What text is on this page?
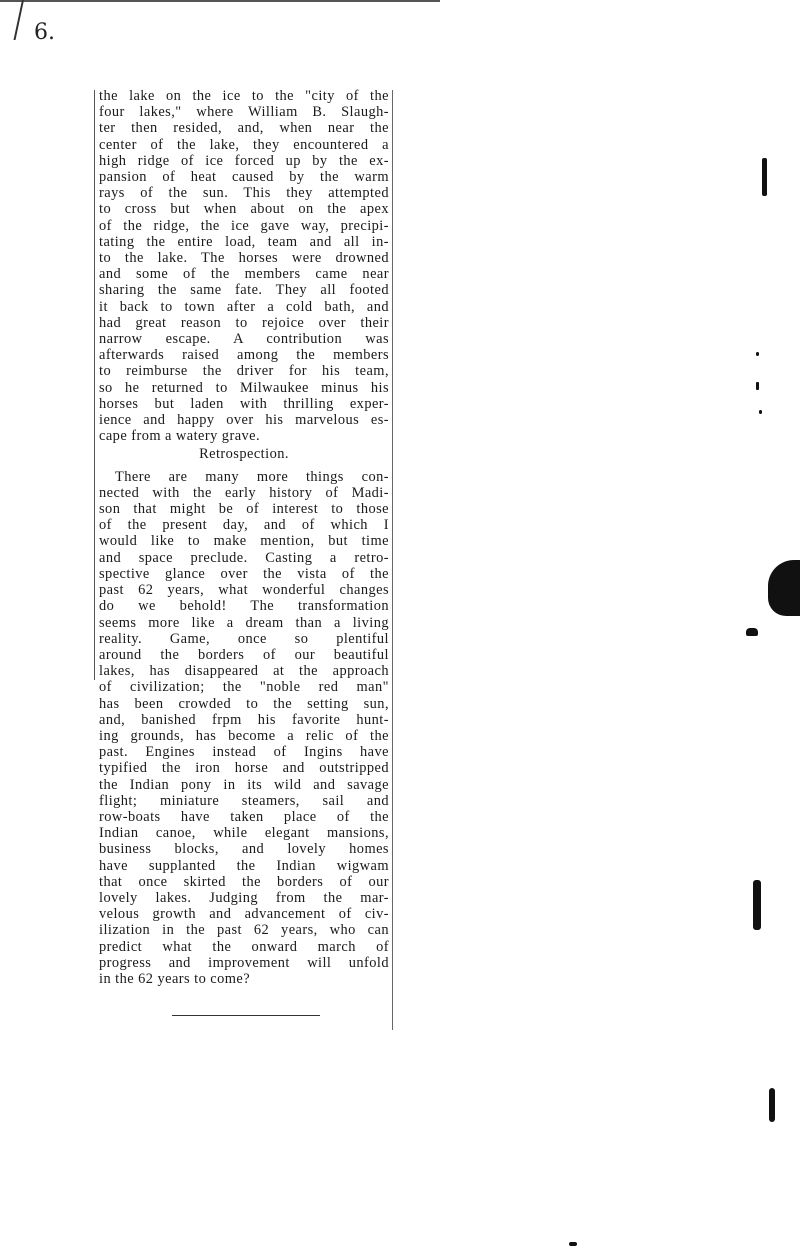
6.
the lake on the ice to the "city of the
four lakes," where William B. Slaugh-
ter then resided, and, when near the
center of the lake, they encountered a
high ridge of ice forced up by the ex-
pansion of heat caused by the warm
rays of the sun. This they attempted
to cross but when about on the apex
of the ridge, the ice gave way, precipi-
tating the entire load, team and all in-
to the lake. The horses were drowned
and some of the members came near
sharing the same fate. They all footed
it back to town after a cold bath, and
had great reason to rejoice over their
narrow escape. A contribution was
afterwards raised among the members
to reimburse the driver for his team,
so he returned to Milwaukee minus his
horses but laden with thrilling exper-
ience and happy over his marvelous es-
cape from a watery grave.
Retrospection.
There are many more things con-
nected with the early history of Madi-
son that might be of interest to those
of the present day, and of which I
would like to make mention, but time
and space preclude. Casting a retro-
spective glance over the vista of the
past 62 years, what wonderful changes
do we behold! The transformation
seems more like a dream than a living
reality. Game, once so plentiful
around the borders of our beautiful
lakes, has disappeared at the approach
of civilization; the "noble red man"
has been crowded to the setting sun,
and, banished frpm his favorite hunt-
ing grounds, has become a relic of the
past. Engines instead of Ingins have
typified the iron horse and outstripped
the Indian pony in its wild and savage
flight; miniature steamers, sail and
row-boats have taken place of the
Indian canoe, while elegant mansions,
business blocks, and lovely homes
have supplanted the Indian wigwam
that once skirted the borders of our
lovely lakes. Judging from the mar-
velous growth and advancement of civ-
ilization in the past 62 years, who can
predict what the onward march of
progress and improvement will unfold
in the 62 years to come?
